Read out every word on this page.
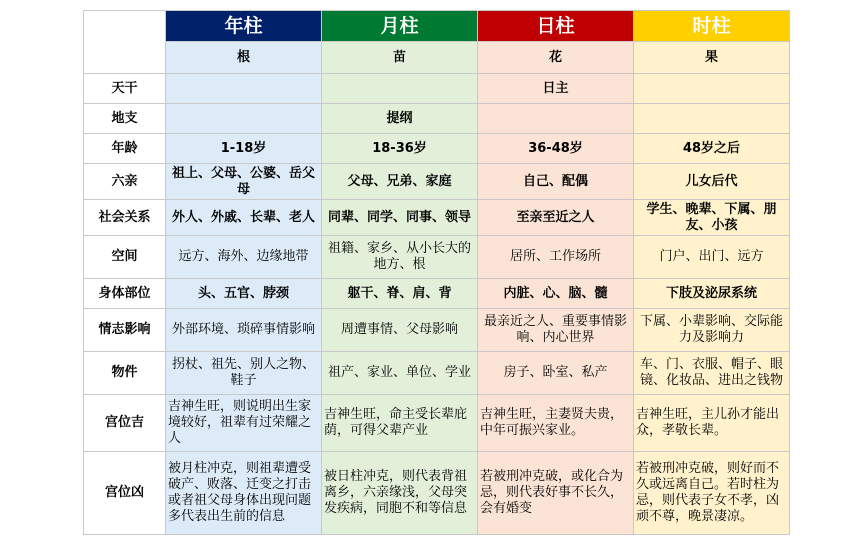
	年柱	月柱	日柱	时柱
	根	苗	花	果
天干			日主	
地支		提纲		
年龄	1-18岁	18-36岁	36-48岁	48岁之后
六亲	祖上、父母、公婆、岳父母	父母、兄弟、家庭	自己、配偶	儿女后代
社会关系	外人、外戚、长辈、老人	同辈、同学、同事、领导	至亲至近之人	学生、晚辈、下属、朋友、小孩
空间	远方、海外、边缘地带	祖籍、家乡、从小长大的地方、根	居所、工作场所	门户、出门、远方
身体部位	头、五官、脖颈	躯干、脊、肩、背	内脏、心、脑、髓	下肢及泌尿系统
情志影响	外部环境、琐碎事情影响	周遭事情、父母影响	最亲近之人、重要事情影响、内心世界	下属、小辈影响、交际能力及影响力
物件	拐杖、祖先、别人之物、鞋子	祖产、家业、单位、学业	房子、卧室、私产	车、门、衣服、帽子、眼镜、化妆品、进出之钱物
宫位吉	吉神生旺，则说明出生家境较好，祖辈有过荣耀之人	吉神生旺，命主受长辈庇荫，可得父辈产业	吉神生旺，主妻贤夫贵，中年可振兴家业。	吉神生旺，主儿孙才能出众，孝敬长辈。
宫位凶	被月柱冲克，则祖辈遭受破产、败落、迁变之打击或者祖父母身体出现问题多代表出生前的信息	被日柱冲克，则代表背祖离乡，六亲缘浅，父母突发疾病，同胞不和等信息	若被刑冲克破，或化合为忌，则代表好事不长久，会有婚变	若被刑冲克破，则好而不久或远离自己。若时柱为忌，则代表子女不孝，凶顽不尊，晚景凄凉。
